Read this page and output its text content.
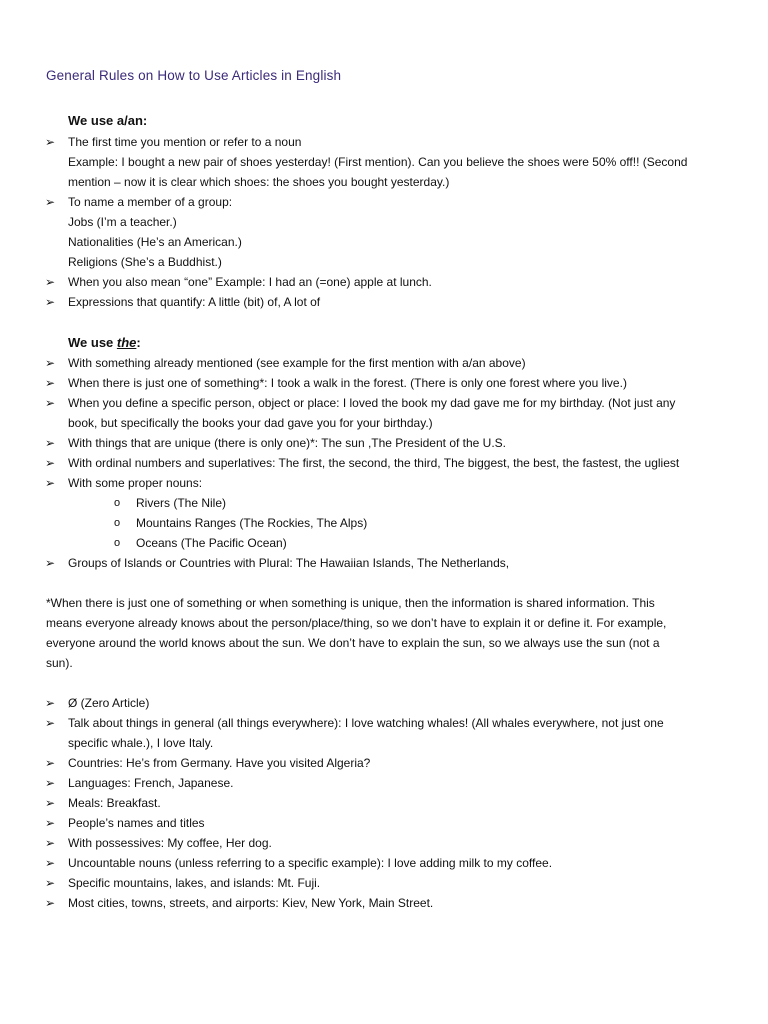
General Rules on How to Use Articles in English
We use a/an:
➢	The first time you mention or refer to a noun
Example: I bought a new pair of shoes yesterday! (First mention). Can you believe the shoes were 50% off!! (Second
mention – now it is clear which shoes: the shoes you bought yesterday.)
➢	To name a member of a group:
Jobs (I’m a teacher.)
Nationalities (He’s an American.)
Religions (She’s a Buddhist.)
➢	When you also mean “one” Example: I had an (=one) apple at lunch.
➢	Expressions that quantify: A little (bit) of, A lot of
We use the:
➢	With something already mentioned (see example for the first mention with a/an above)
➢	When there is just one of something*: I took a walk in the forest. (There is only one forest where you live.)
➢	When you define a specific person, object or place: I loved the book my dad gave me for my birthday. (Not just any
book, but specifically the books your dad gave you for your birthday.)
➢	With things that are unique (there is only one)*: The sun ,The President of the U.S.
➢	With ordinal numbers and superlatives: The first, the second, the third, The biggest, the best, the fastest, the ugliest
➢	With some proper nouns:
o Rivers (The Nile)
o Mountains Ranges (The Rockies, The Alps)
o Oceans (The Pacific Ocean)
➢	Groups of Islands or Countries with Plural: The Hawaiian Islands, The Netherlands,
*When there is just one of something or when something is unique, then the information is shared information. This
means everyone already knows about the person/place/thing, so we don’t have to explain it or define it. For example,
everyone around the world knows about the sun. We don’t have to explain the sun, so we always use the sun (not a
sun).
➢	Ø (Zero Article)
➢	Talk about things in general (all things everywhere): I love watching whales! (All whales everywhere, not just one
specific whale.), I love Italy.
➢	Countries: He’s from Germany. Have you visited Algeria?
➢	Languages: French, Japanese.
➢	Meals: Breakfast.
➢	People’s names and titles
➢	With possessives: My coffee, Her dog.
➢	Uncountable nouns (unless referring to a specific example): I love adding milk to my coffee.
➢	Specific mountains, lakes, and islands: Mt. Fuji.
➢	Most cities, towns, streets, and airports: Kiev, New York, Main Street.
